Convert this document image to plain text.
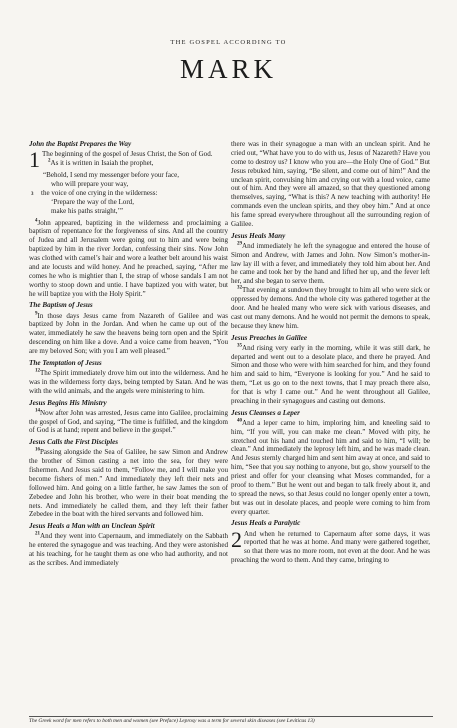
THE GOSPEL ACCORDING TO
MARK
John the Baptist Prepares the Way

1 The beginning of the gospel of Jesus Christ, the Son of God.

$^2$As it is written in Isaiah the prophet,

“Behold, I send my messenger before your face,
who will prepare your way,
3 the voice of one crying in the wilderness:
‘Prepare the way of the Lord,
make his paths straight,’”

$^4$John appeared, baptizing in the wilderness and proclaiming a baptism of repentance for the forgiveness of sins. And all the country of Judea and all Jerusalem were going out to him and were being baptized by him in the river Jordan, confessing their sins. Now John was clothed with camel’s hair and wore a leather belt around his waist and ate locusts and wild honey. And he preached, saying, “After me comes he who is mightier than I, the strap of whose sandals I am not worthy to stoop down and untie. I have baptized you with water, but he will baptize you with the Holy Spirit.”

The Baptism of Jesus

$^9$In those days Jesus came from Nazareth of Galilee and was baptized by John in the Jordan. And when he came up out of the water, immediately he saw the heavens being torn open and the Spirit descending on him like a dove. And a voice came from heaven, “You are my beloved Son; with you I am well pleased.”

The Temptation of Jesus

$^{12}$The Spirit immediately drove him out into the wilderness. And he was in the wilderness forty days, being tempted by Satan. And he was with the wild animals, and the angels were ministering to him.

Jesus Begins His Ministry

$^{14}$Now after John was arrested, Jesus came into Galilee, proclaiming the gospel of God, and saying, “The time is fulfilled, and the kingdom of God is at hand; repent and believe in the gospel.”

Jesus Calls the First Disciples

$^{16}$Passing alongside the Sea of Galilee, he saw Simon and Andrew the brother of Simon casting a net into the sea, for they were fishermen. And Jesus said to them, “Follow me, and I will make you become fishers of men.” And immediately they left their nets and followed him. And going on a little farther, he saw James the son of Zebedee and John his brother, who were in their boat mending the nets. And immediately he called them, and they left their father Zebedee in the boat with the hired servants and followed him.

Jesus Heals a Man with an Unclean Spirit

$^{21}$And they went into Capernaum, and immediately on the Sabbath he entered the synagogue and was teaching. And they were astonished at his teaching, for he taught them as one who had authority, and not as the scribes. And immediately

there was in their synagogue a man with an unclean spirit. And he cried out, “What have you to do with us, Jesus of Nazareth? Have you come to destroy us? I know who you are—the Holy One of God.” But Jesus rebuked him, saying, “Be silent, and come out of him!” And the unclean spirit, convulsing him and crying out with a loud voice, came out of him. And they were all amazed, so that they questioned among themselves, saying, “What is this? A new teaching with authority! He commands even the unclean spirits, and they obey him.” And at once his fame spread everywhere throughout all the surrounding region of Galilee.

Jesus Heals Many

$^{29}$And immediately he left the synagogue and entered the house of Simon and Andrew, with James and John. Now Simon’s mother-in-law lay ill with a fever, and immediately they told him about her. And he came and took her by the hand and lifted her up, and the fever left her, and she began to serve them.

$^{32}$That evening at sundown they brought to him all who were sick or oppressed by demons. And the whole city was gathered together at the door. And he healed many who were sick with various diseases, and cast out many demons. And he would not permit the demons to speak, because they knew him.

Jesus Preaches in Galilee

$^{35}$And rising very early in the morning, while it was still dark, he departed and went out to a desolate place, and there he prayed. And Simon and those who were with him searched for him, and they found him and said to him, “Everyone is looking for you.” And he said to them, “Let us go on to the next towns, that I may preach there also, for that is why I came out.” And he went throughout all Galilee, preaching in their synagogues and casting out demons.

Jesus Cleanses a Leper

$^{40}$And a leper came to him, imploring him, and kneeling said to him, “If you will, you can make me clean.” Moved with pity, he stretched out his hand and touched him and said to him, “I will; be clean.” And immediately the leprosy left him, and he was made clean. And Jesus sternly charged him and sent him away at once, and said to him, “See that you say nothing to anyone, but go, show yourself to the priest and offer for your cleansing what Moses commanded, for a proof to them.” But he went out and began to talk freely about it, and to spread the news, so that Jesus could no longer openly enter a town, but was out in desolate places, and people were coming to him from every quarter.

Jesus Heals a Paralytic

2 And when he returned to Capernaum after some days, it was reported that he was at home. And many were gathered together, so that there was no more room, not even at the door. And he was preaching the word to them. And they came, bringing to

The Greek word for men refers to both men and women (see Preface) Leprosy was a term for several skin diseases (see Leviticus 13)
